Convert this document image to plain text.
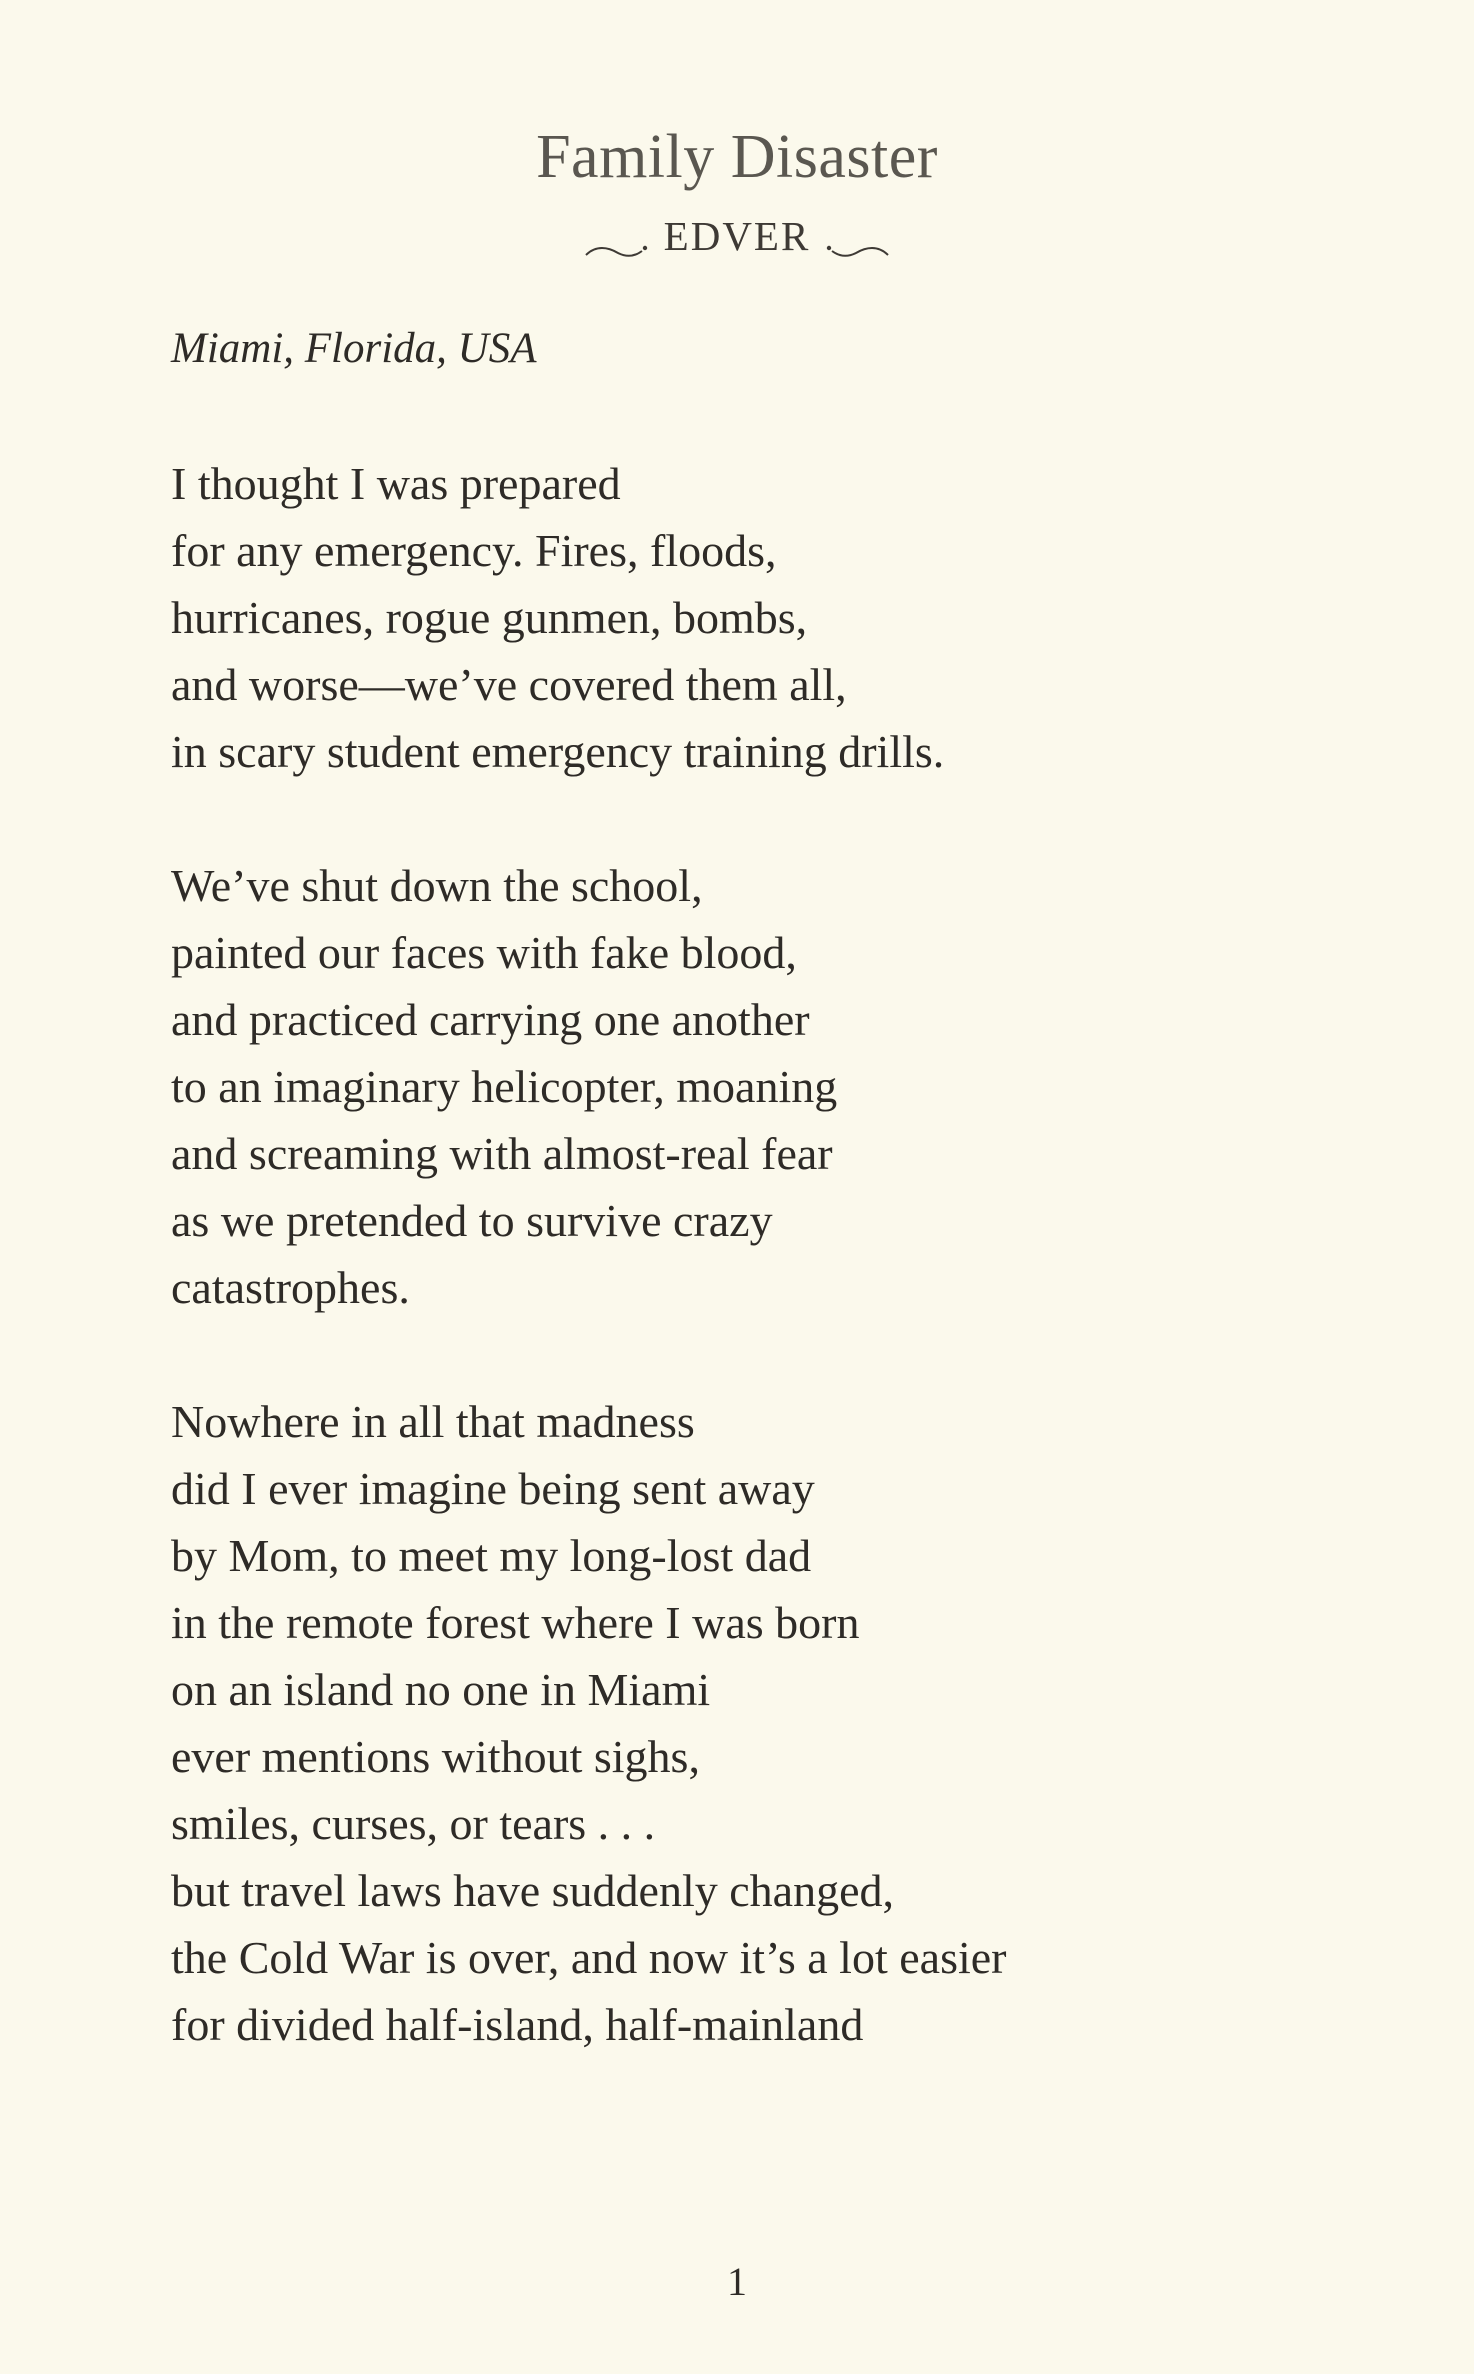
Family Disaster
EDVER
Miami, Florida, USA
I thought I was prepared
for any emergency. Fires, floods,
hurricanes, rogue gunmen, bombs,
and worse—we’ve covered them all,
in scary student emergency training drills.
We’ve shut down the school,
painted our faces with fake blood,
and practiced carrying one another
to an imaginary helicopter, moaning
and screaming with almost-real fear
as we pretended to survive crazy
catastrophes.
Nowhere in all that madness
did I ever imagine being sent away
by Mom, to meet my long-lost dad
in the remote forest where I was born
on an island no one in Miami
ever mentions without sighs,
smiles, curses, or tears . . .
but travel laws have suddenly changed,
the Cold War is over, and now it’s a lot easier
for divided half-island, half-mainland
1
